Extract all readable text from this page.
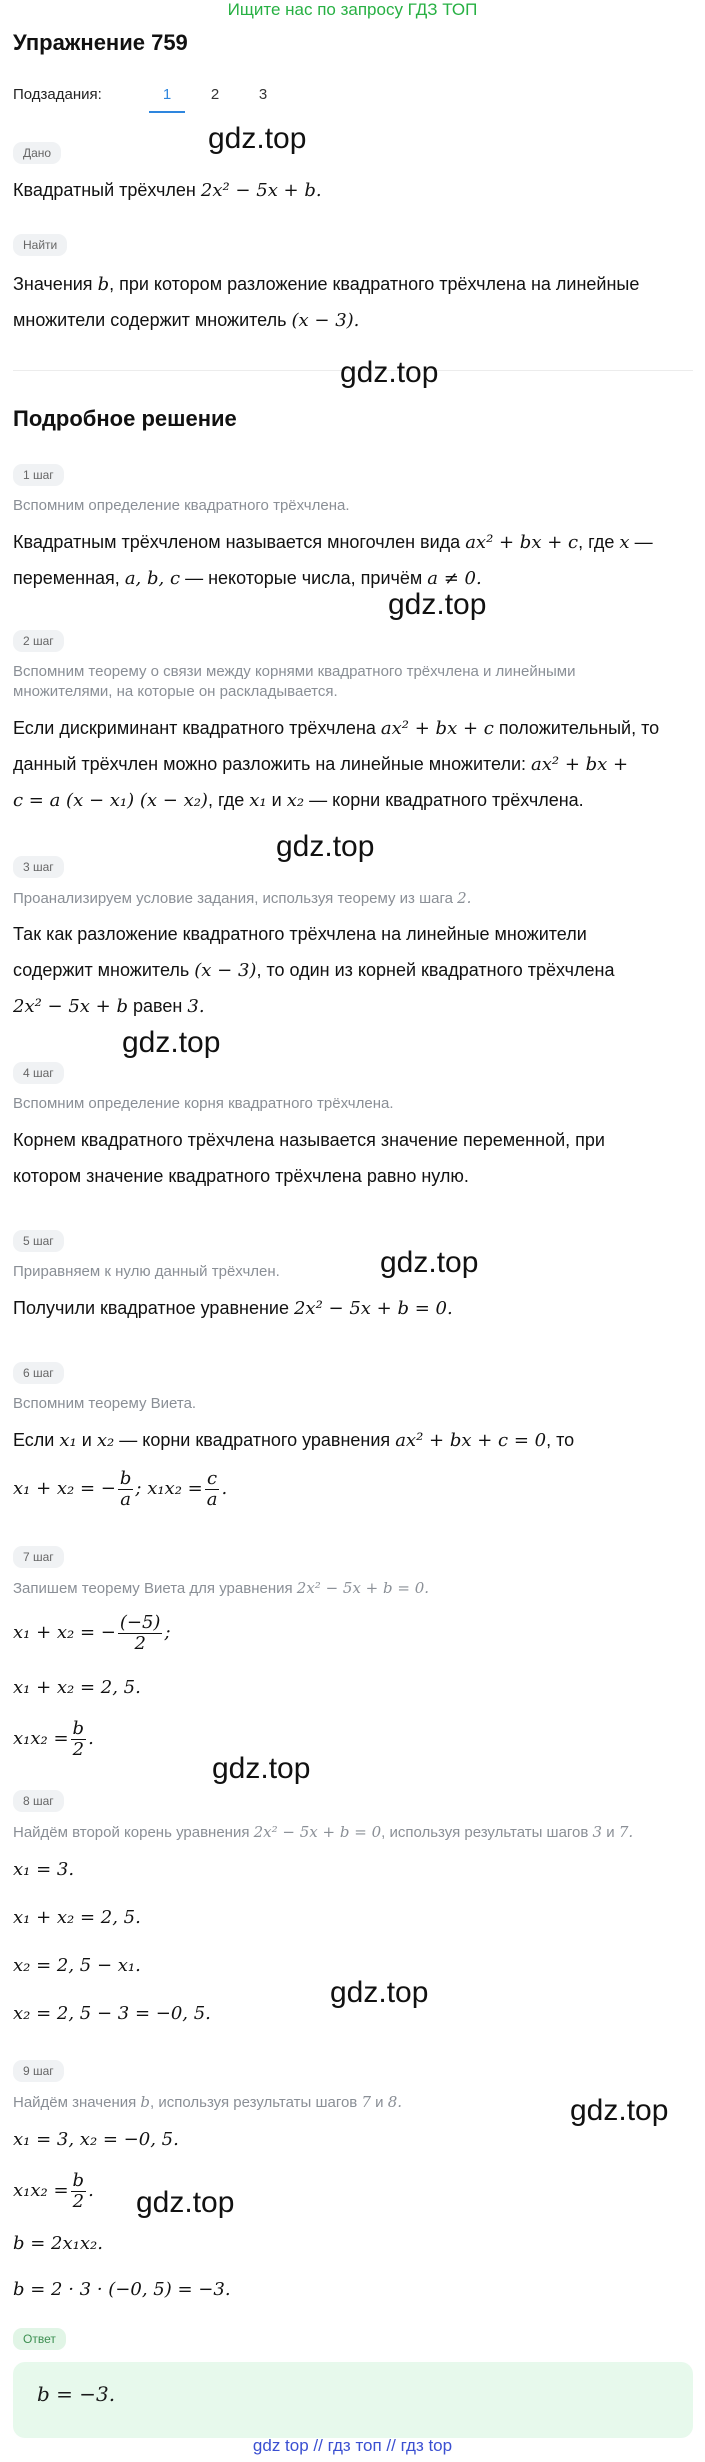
Ищите нас по запросу ГДЗ ТОП
Упражнение 759
Подзадания:	1	2	3
Дано	gdz.top
Квадратный трёхчлен 2x² − 5x + b.
Найти
Значения b, при котором разложение квадратного трёхчлена на линейные
множители содержит множитель (x − 3).
gdz.top
Подробное решение
1 шаг
Вспомним определение квадратного трёхчлена.
Квадратным трёхчленом называется многочлен вида ax² + bx + c, где x —
переменная, a, b, c — некоторые числа, причём a ≠ 0.
gdz.top
2 шаг
Вспомним теорему о связи между корнями квадратного трёхчлена и линейными
множителями, на которые он раскладывается.
Если дискриминант квадратного трёхчлена ax² + bx + c положительный, то
данный трёхчлен можно разложить на линейные множители: ax² + bx +
c = a (x − x₁) (x − x₂), где x₁ и x₂ — корни квадратного трёхчлена.
gdz.top
3 шаг
Проанализируем условие задания, используя теорему из шага 2.
Так как разложение квадратного трёхчлена на линейные множители
содержит множитель (x − 3), то один из корней квадратного трёхчлена
2x² − 5x + b равен 3.
gdz.top
4 шаг
Вспомним определение корня квадратного трёхчлена.
Корнем квадратного трёхчлена называется значение переменной, при
котором значение квадратного трёхчлена равно нулю.
5 шаг
gdz.top
Приравняем к нулю данный трёхчлен.
Получили квадратное уравнение 2x² − 5x + b = 0.
6 шаг
Вспомним теорему Виета.
Если x₁ и x₂ — корни квадратного уравнения ax² + bx + c = 0, то
x₁ + x₂ = − $\frac{b}{a}$ ; $x_1x_2 = \frac{c}{a}$ .
7 шаг
Запишем теорему Виета для уравнения 2x² − 5x + b = 0.
x₁ + x₂ = − $\frac{(-5)}{2}$ ;
x₁ + x₂ = 2, 5.
$x_1x_2 = \frac{b}{2}$ .
gdz.top
8 шаг
Найдём второй корень уравнения 2x² − 5x + b = 0, используя результаты шагов 3 и 7.
x₁ = 3.
x₁ + x₂ = 2, 5.
x₂ = 2, 5 − x₁.
x₂ = 2, 5 − 3 = −0, 5.
gdz.top
9 шаг
Найдём значения b, используя результаты шагов 7 и 8.	gdz.top
x₁ = 3, x₂ = −0, 5.
$x_1x_2 = \frac{b}{2}$ .	gdz.top
b = 2x₁x₂.
b = 2 · 3 · (−0, 5) = −3.
Ответ
b = −3.
gdz top // гдз топ // гдз top
